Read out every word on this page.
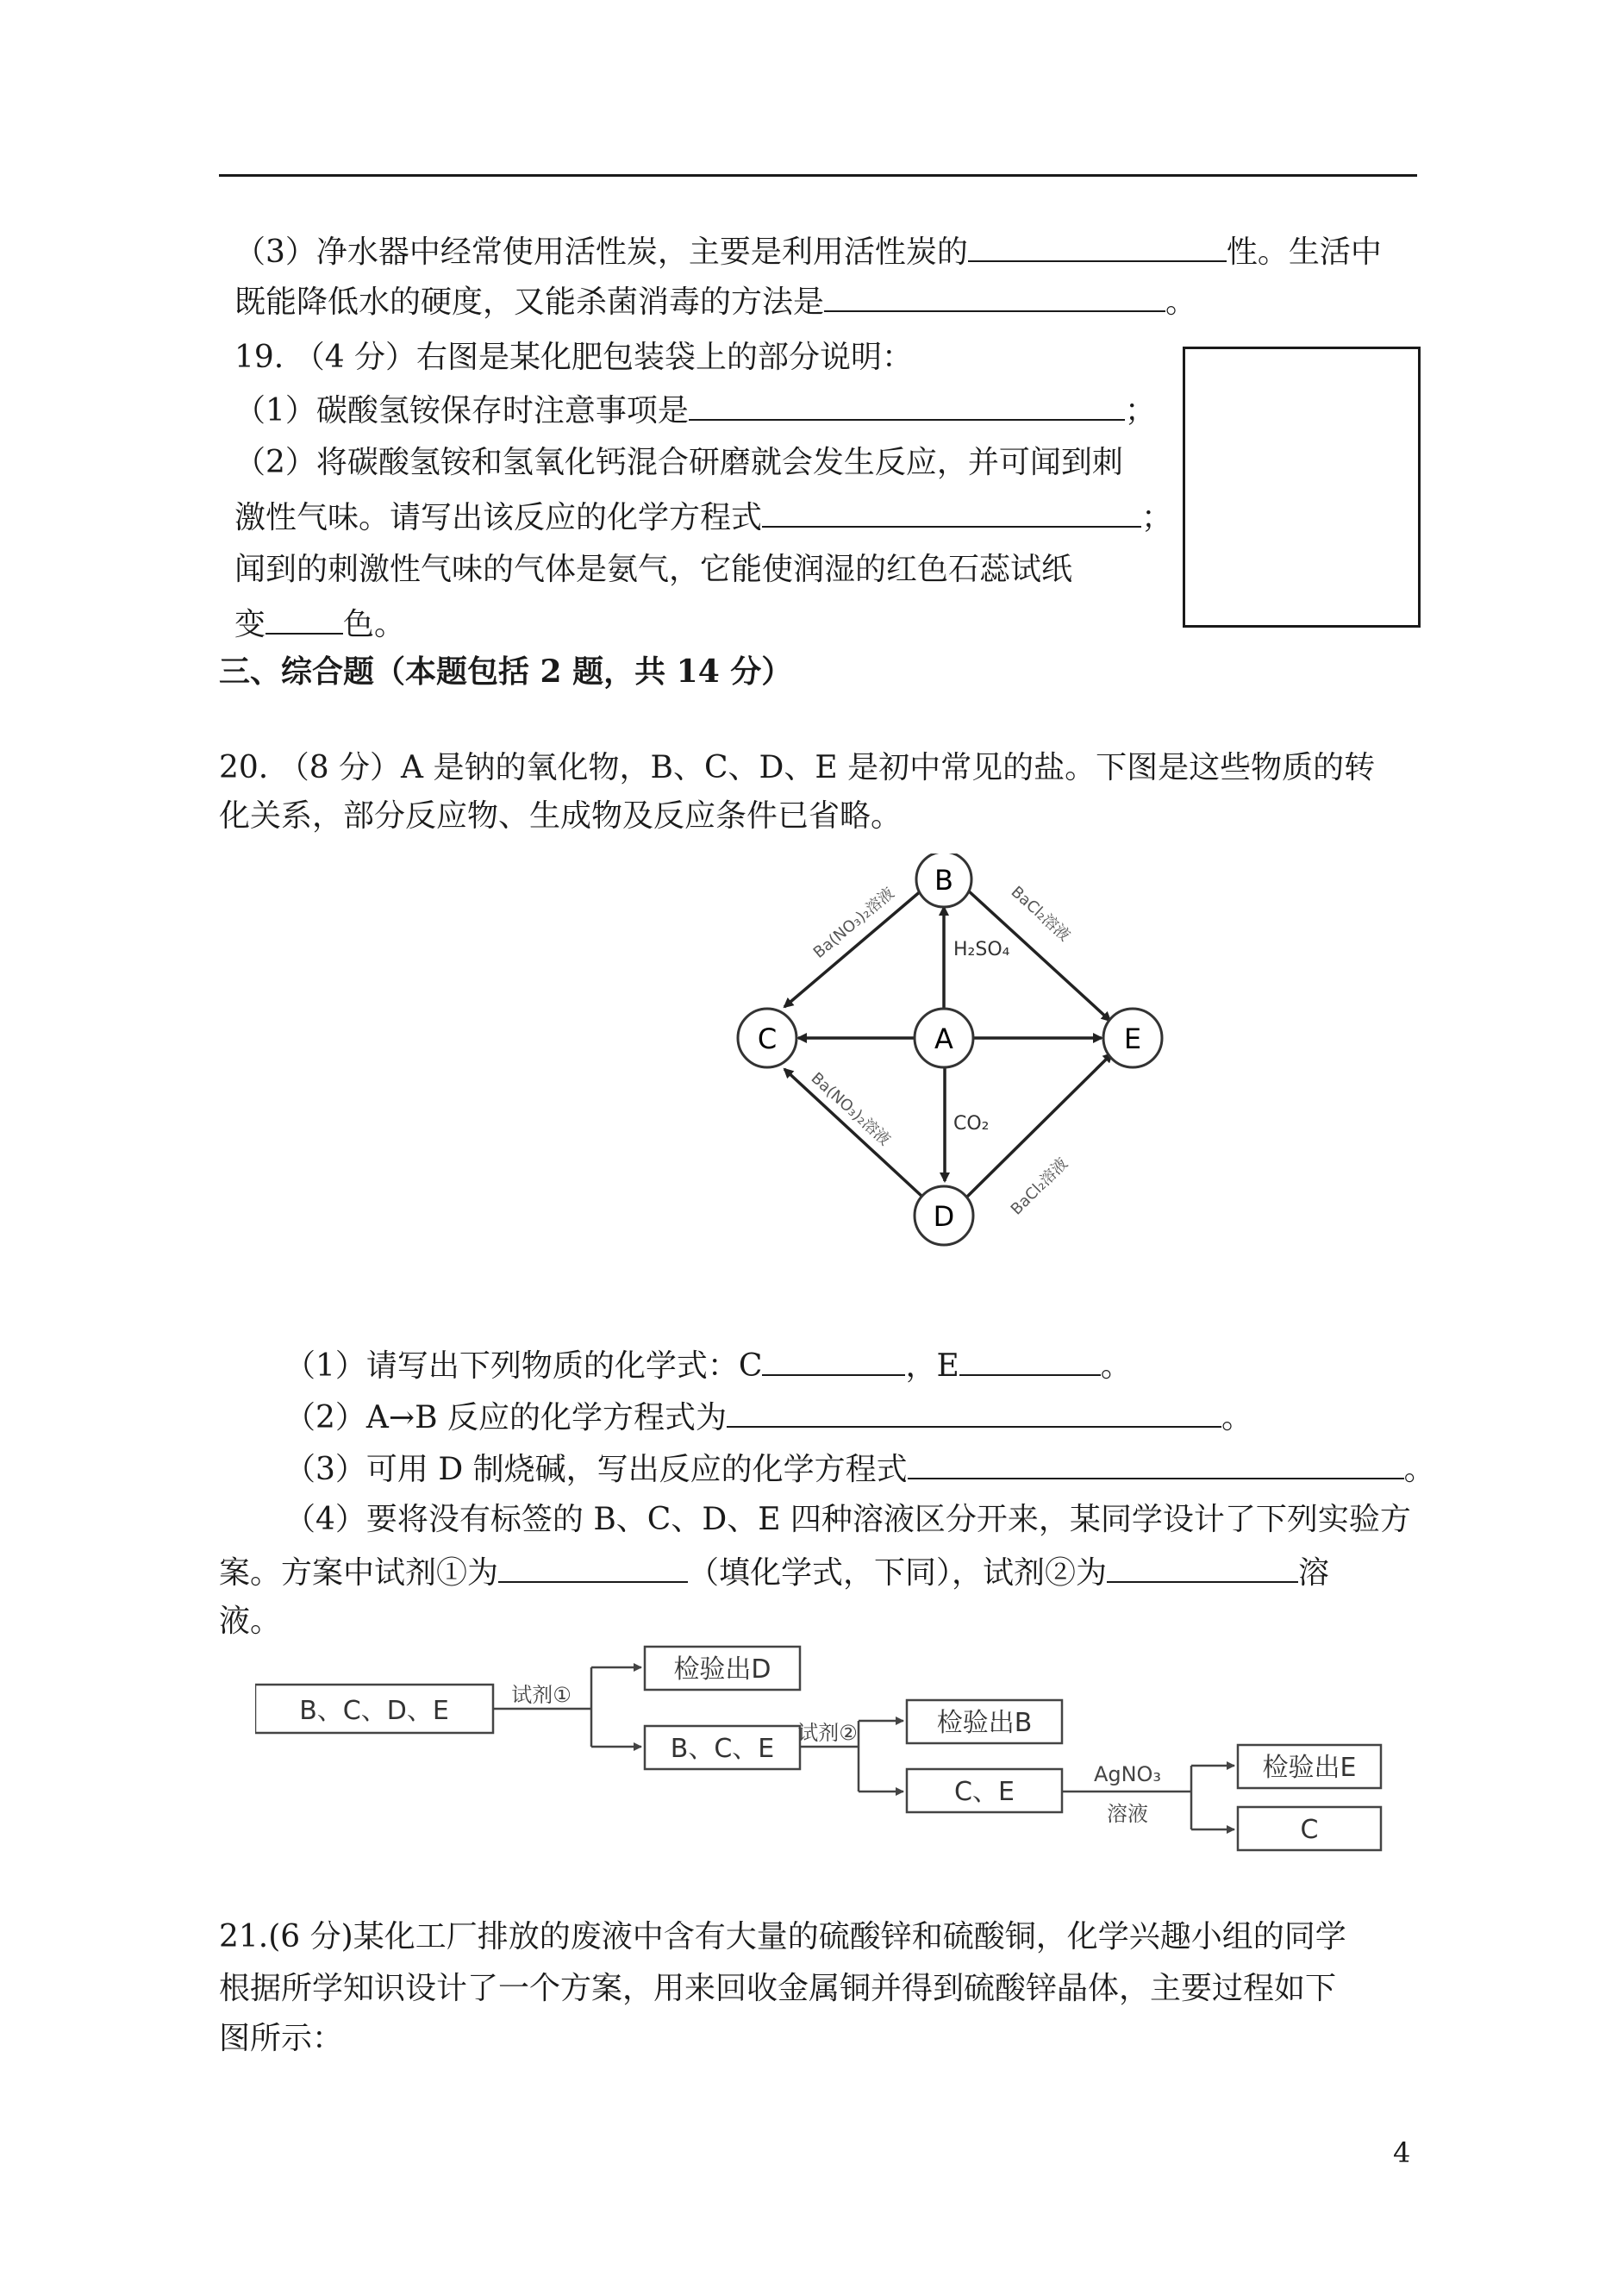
（3）净水器中经常使用活性炭，主要是利用活性炭的	性。生活中
既能降低水的硬度，又能杀菌消毒的方法是	。
19. （4 分）右图是某化肥包装袋上的部分说明：
（1）碳酸氢铵保存时注意事项是	；
（2）将碳酸氢铵和氢氧化钙混合研磨就会发生反应，并可闻到刺
激性气味。请写出该反应的化学方程式	；
闻到的刺激性气味的气体是氨气，它能使润湿的红色石蕊试纸
变	色。
三、综合题（本题包括 2 题，共 14 分）
20. （8 分）A 是钠的氧化物，B、C、D、E 是初中常见的盐。下图是这些物质的转
化关系，部分反应物、生成物及反应条件已省略。
B
A
C	E
D
H₂SO₄
CO₂
Ba(NO₃)₂溶液	BaCl₂溶液
Ba(NO₃)₂溶液
BaCl₂溶液
（1）请写出下列物质的化学式：C	，E	。
（2）A→B 反应的化学方程式为	。
（3）可用 D 制烧碱，写出反应的化学方程式	。
（4）要将没有标签的 B、C、D、E 四种溶液区分开来，某同学设计了下列实验方
案。方案中试剂①为	（填化学式，下同），试剂②为	溶
液。
B、C、D、E
检验出D
B、C、E
检验出B
C、E
检验出E
C
试剂①
试剂②
AgNO₃
溶液
21.(6 分)某化工厂排放的废液中含有大量的硫酸锌和硫酸铜，化学兴趣小组的同学
根据所学知识设计了一个方案，用来回收金属铜并得到硫酸锌晶体，主要过程如下
图所示：
4
